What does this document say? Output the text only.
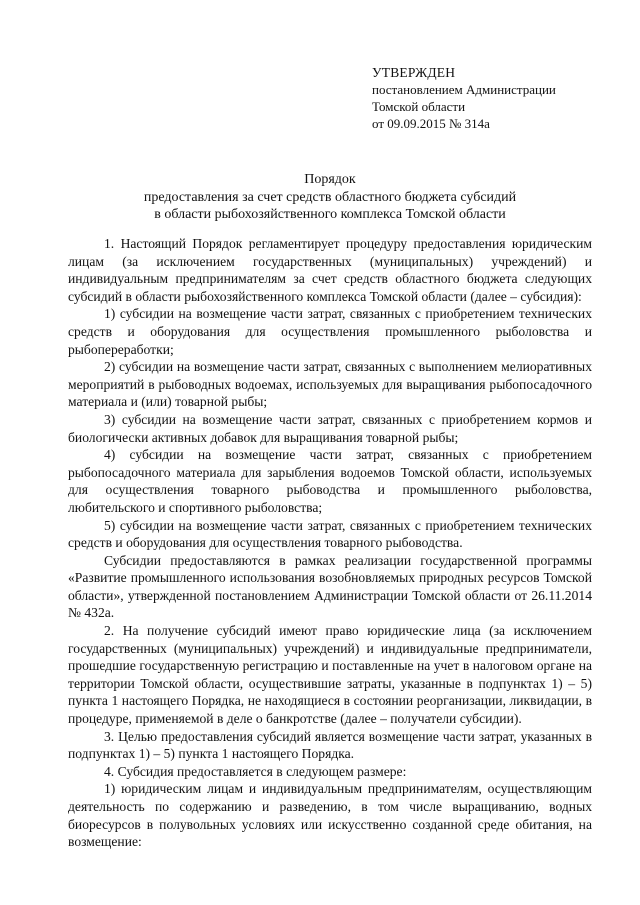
УТВЕРЖДЕН
постановлением Администрации
Томской области
от 09.09.2015 № 314а
Порядок
предоставления за счет средств областного бюджета субсидий
в области рыбохозяйственного комплекса Томской области

1. Настоящий Порядок регламентирует процедуру предоставления юридическим лицам (за исключением государственных (муниципальных) учреждений) и индивидуальным предпринимателям за счет средств областного бюджета следующих субсидий в области рыбохозяйственного комплекса Томской области (далее – субсидия):

1) субсидии на возмещение части затрат, связанных с приобретением технических средств и оборудования для осуществления промышленного рыболовства и рыбопереработки;

2) субсидии на возмещение части затрат, связанных с выполнением мелиоративных мероприятий в рыбоводных водоемах, используемых для выращивания рыбопосадочного материала и (или) товарной рыбы;

3) субсидии на возмещение части затрат, связанных с приобретением кормов и биологически активных добавок для выращивания товарной рыбы;

4) субсидии на возмещение части затрат, связанных с приобретением рыбопосадочного материала для зарыбления водоемов Томской области, используемых для осуществления товарного рыбоводства и промышленного рыболовства, любительского и спортивного рыболовства;

5) субсидии на возмещение части затрат, связанных с приобретением технических средств и оборудования для осуществления товарного рыбоводства.

Субсидии предоставляются в рамках реализации государственной программы «Развитие промышленного использования возобновляемых природных ресурсов Томской области», утвержденной постановлением Администрации Томской области от 26.11.2014 № 432а.

2. На получение субсидий имеют право юридические лица (за исключением государственных (муниципальных) учреждений) и индивидуальные предприниматели, прошедшие государственную регистрацию и поставленные на учет в налоговом органе на территории Томской области, осуществившие затраты, указанные в подпунктах 1) – 5) пункта 1 настоящего Порядка, не находящиеся в состоянии реорганизации, ликвидации, в процедуре, применяемой в деле о банкротстве (далее – получатели субсидии).

3. Целью предоставления субсидий является возмещение части затрат, указанных в подпунктах 1) – 5) пункта 1 настоящего Порядка.

4. Субсидия предоставляется в следующем размере:

1) юридическим лицам и индивидуальным предпринимателям, осуществляющим деятельность по содержанию и разведению, в том числе выращиванию, водных биоресурсов в полувольных условиях или искусственно созданной среде обитания, на возмещение:
